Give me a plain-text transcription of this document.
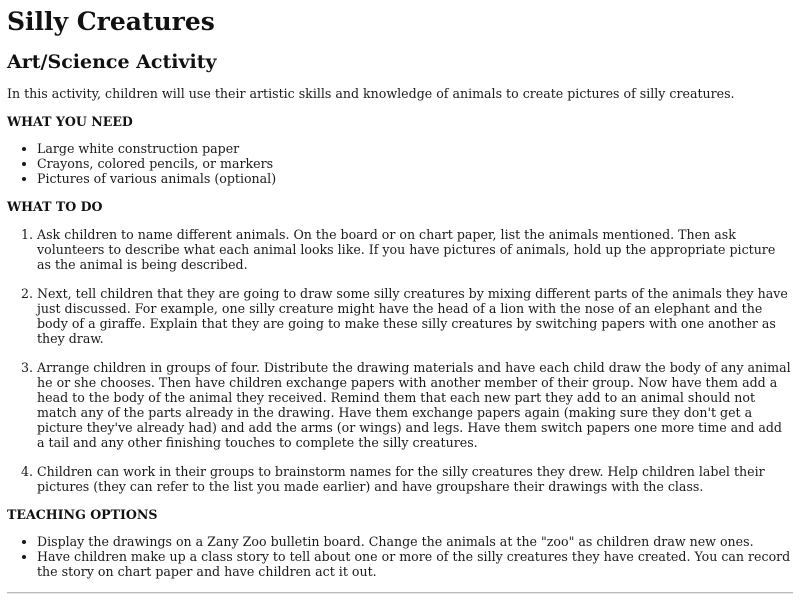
Silly Creatures
Art/Science Activity

In this activity, children will use their artistic skills and knowledge of animals to create pictures of silly creatures.

WHAT YOU NEED
• Large white construction paper
• Crayons, colored pencils, or markers
• Pictures of various animals (optional)
WHAT TO DO
1. Ask children to name different animals. On the board or on chart paper, list the animals mentioned. Then ask volunteers to describe what each animal looks like. If you have pictures of animals, hold up the appropriate picture as the animal is being described.
2. Next, tell children that they are going to draw some silly creatures by mixing different parts of the animals they have just discussed. For example, one silly creature might have the head of a lion with the nose of an elephant and the body of a giraffe. Explain that they are going to make these silly creatures by switching papers with one another as they draw.
3. Arrange children in groups of four. Distribute the drawing materials and have each child draw the body of any animal he or she chooses. Then have children exchange papers with another member of their group. Now have them add a head to the body of the animal they received. Remind them that each new part they add to an animal should not match any of the parts already in the drawing. Have them exchange papers again (making sure they don't get a picture they've already had) and add the arms (or wings) and legs. Have them switch papers one more time and add a tail and any other finishing touches to complete the silly creatures.
4. Children can work in their groups to brainstorm names for the silly creatures they drew. Help children label their pictures (they can refer to the list you made earlier) and have groupshare their drawings with the class.
TEACHING OPTIONS
• Display the drawings on a Zany Zoo bulletin board. Change the animals at the "zoo" as children draw new ones.
• Have children make up a class story to tell about one or more of the silly creatures they have created. You can record the story on chart paper and have children act it out.
